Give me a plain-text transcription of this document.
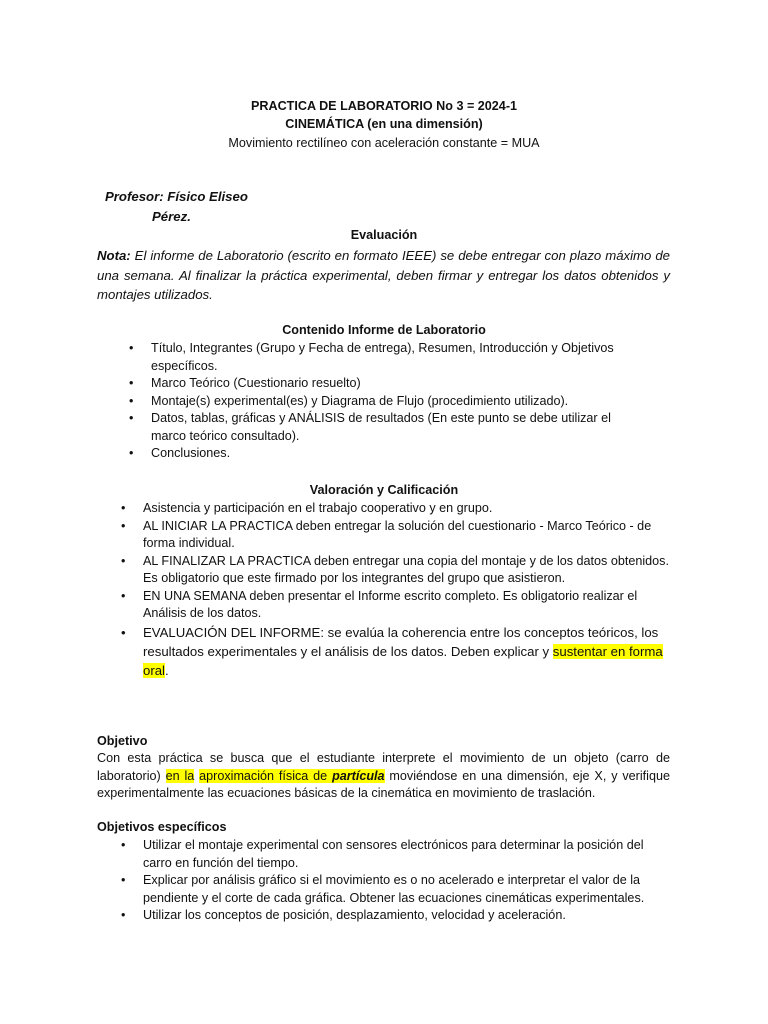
PRACTICA DE LABORATORIO No 3 = 2024-1
CINEMÁTICA (en una dimensión)
Movimiento rectilíneo con aceleración constante = MUA
Profesor: Físico Eliseo
Pérez.
Evaluación
Nota: El informe de Laboratorio (escrito en formato IEEE) se debe entregar con plazo máximo de una semana. Al finalizar la práctica experimental, deben firmar y entregar los datos obtenidos y montajes utilizados.
Contenido Informe de Laboratorio
• Título, Integrantes (Grupo y Fecha de entrega), Resumen, Introducción y Objetivos específicos.
• Marco Teórico (Cuestionario resuelto)
• Montaje(s) experimental(es) y Diagrama de Flujo (procedimiento utilizado).
• Datos, tablas, gráficas y ANÁLISIS de resultados (En este punto se debe utilizar el marco teórico consultado).
• Conclusiones.
Valoración y Calificación
• Asistencia y participación en el trabajo cooperativo y en grupo.
• AL INICIAR LA PRACTICA deben entregar la solución del cuestionario - Marco Teórico - de forma individual.
• AL FINALIZAR LA PRACTICA deben entregar una copia del montaje y de los datos obtenidos. Es obligatorio que este firmado por los integrantes del grupo que asistieron.
• EN UNA SEMANA deben presentar el Informe escrito completo. Es obligatorio realizar el Análisis de los datos.
• EVALUACIÓN DEL INFORME: se evalúa la coherencia entre los conceptos teóricos, los resultados experimentales y el análisis de los datos. Deben explicar y sustentar en forma oral.
Objetivo
Con esta práctica se busca que el estudiante interprete el movimiento de un objeto (carro de laboratorio) en la aproximación física de partícula moviéndose en una dimensión, eje X, y verifique experimentalmente las ecuaciones básicas de la cinemática en movimiento de traslación.
Objetivos específicos
• Utilizar el montaje experimental con sensores electrónicos para determinar la posición del carro en función del tiempo.
• Explicar por análisis gráfico si el movimiento es o no acelerado e interpretar el valor de la pendiente y el corte de cada gráfica. Obtener las ecuaciones cinemáticas experimentales.
• Utilizar los conceptos de posición, desplazamiento, velocidad y aceleración.
